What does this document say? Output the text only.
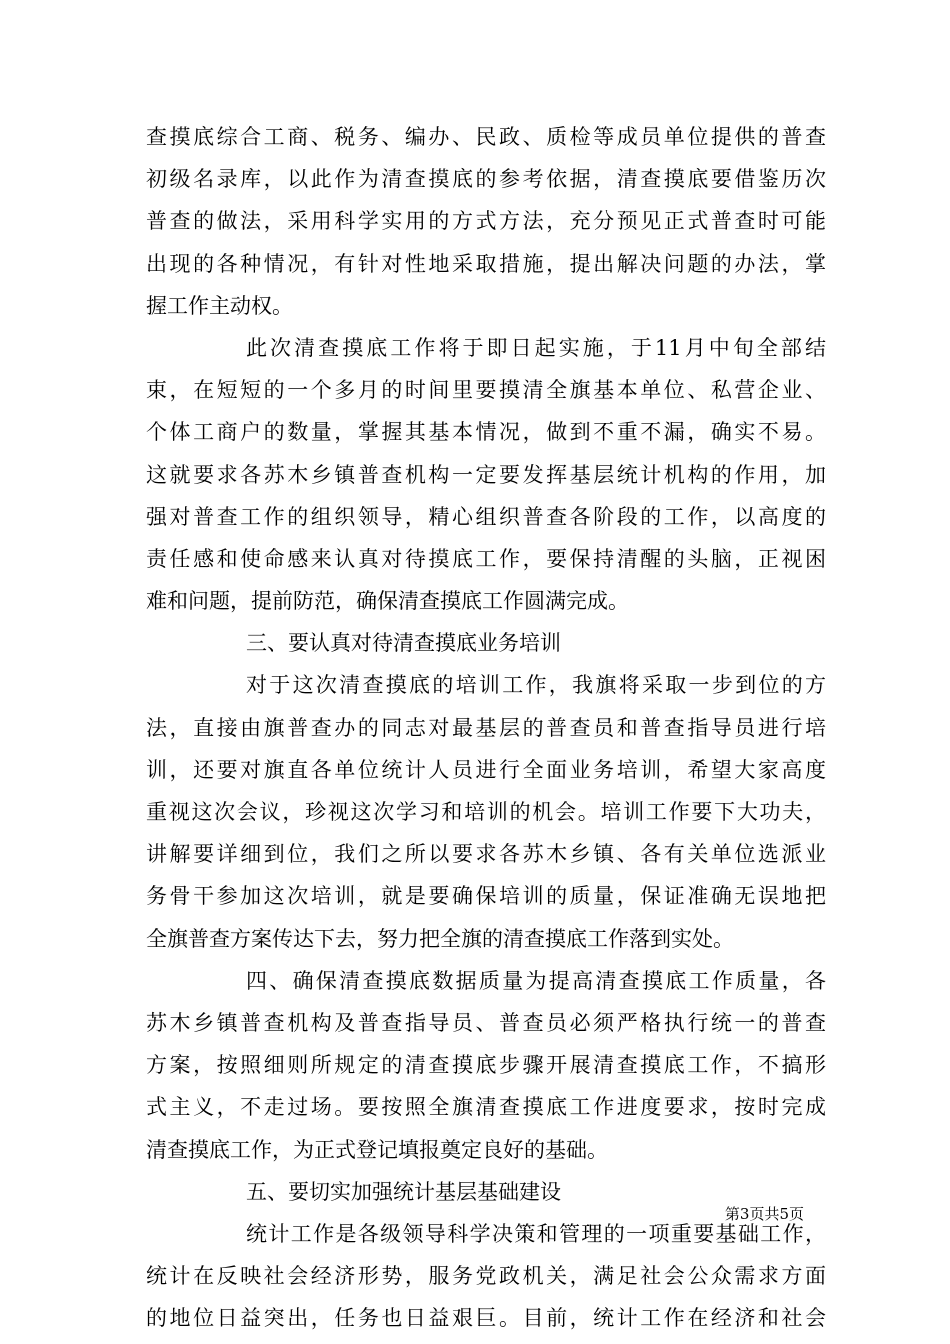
查摸底综合工商、税务、编办、民政、质检等成员单位提供的普查
初级名录库，以此作为清查摸底的参考依据，清查摸底要借鉴历次
普查的做法，采用科学实用的方式方法，充分预见正式普查时可能
出现的各种情况，有针对性地采取措施，提出解决问题的办法，掌
握工作主动权。
此次清查摸底工作将于即日起实施，于11月中旬全部结
束，在短短的一个多月的时间里要摸清全旗基本单位、私营企业、
个体工商户的数量，掌握其基本情况，做到不重不漏，确实不易。
这就要求各苏木乡镇普查机构一定要发挥基层统计机构的作用，加
强对普查工作的组织领导，精心组织普查各阶段的工作，以高度的
责任感和使命感来认真对待摸底工作，要保持清醒的头脑，正视困
难和问题，提前防范，确保清查摸底工作圆满完成。
三、要认真对待清查摸底业务培训
对于这次清查摸底的培训工作，我旗将采取一步到位的方
法，直接由旗普查办的同志对最基层的普查员和普查指导员进行培
训，还要对旗直各单位统计人员进行全面业务培训，希望大家高度
重视这次会议，珍视这次学习和培训的机会。培训工作要下大功夫，
讲解要详细到位，我们之所以要求各苏木乡镇、各有关单位选派业
务骨干参加这次培训，就是要确保培训的质量，保证准确无误地把
全旗普查方案传达下去，努力把全旗的清查摸底工作落到实处。
四、确保清查摸底数据质量为提高清查摸底工作质量，各
苏木乡镇普查机构及普查指导员、普查员必须严格执行统一的普查
方案，按照细则所规定的清查摸底步骤开展清查摸底工作，不搞形
式主义，不走过场。要按照全旗清查摸底工作进度要求，按时完成
清查摸底工作，为正式登记填报奠定良好的基础。
五、要切实加强统计基层基础建设
统计工作是各级领导科学决策和管理的一项重要基础工作，
统计在反映社会经济形势，服务党政机关，满足社会公众需求方面
的地位日益突出，任务也日益艰巨。目前，统计工作在经济和社会
第3页共5页
